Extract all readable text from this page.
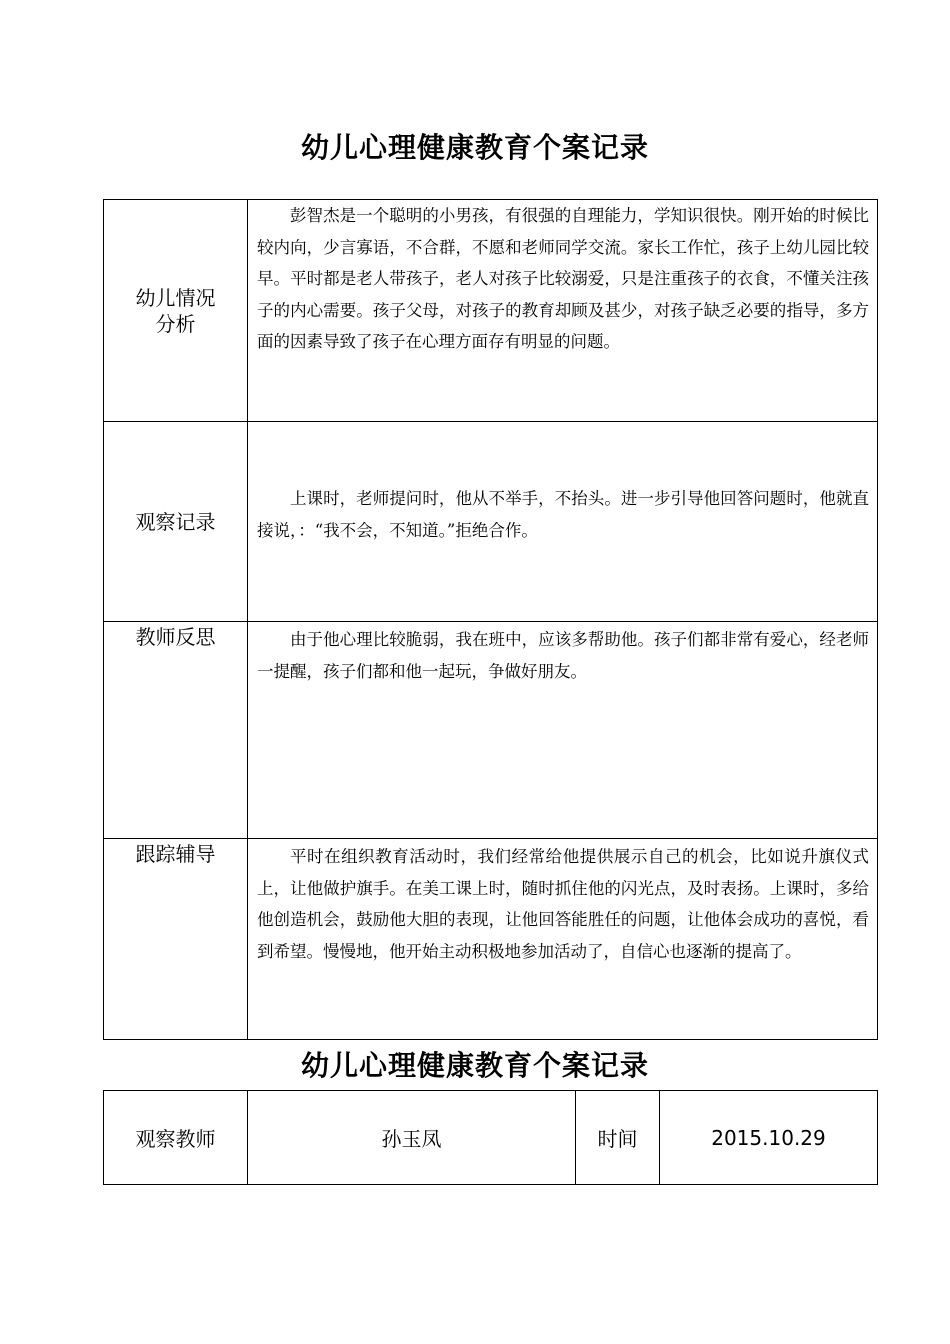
幼儿心理健康教育个案记录
幼儿情况
分析	彭智杰是一个聪明的小男孩，有很强的自理能力，学知识很快。刚开始的时候比较内向，少言寡语，不合群，不愿和老师同学交流。家长工作忙，孩子上幼儿园比较早。平时都是老人带孩子，老人对孩子比较溺爱，只是注重孩子的衣食，不懂关注孩子的内心需要。孩子父母，对孩子的教育却顾及甚少，对孩子缺乏必要的指导，多方面的因素导致了孩子在心理方面存有明显的问题。

观察记录	上课时，老师提问时，他从不举手，不抬头。进一步引导他回答问题时，他就直接说，：“我不会，不知道。”拒绝合作。

教师反思	由于他心理比较脆弱，我在班中，应该多帮助他。孩子们都非常有爱心，经老师一提醒，孩子们都和他一起玩，争做好朋友。

跟踪辅导	平时在组织教育活动时，我们经常给他提供展示自己的机会，比如说升旗仪式上，让他做护旗手。在美工课上时，随时抓住他的闪光点，及时表扬。上课时，多给他创造机会，鼓励他大胆的表现，让他回答能胜任的问题，让他体会成功的喜悦，看到希望。慢慢地，他开始主动积极地参加活动了，自信心也逐渐的提高了。

幼儿心理健康教育个案记录
观察教师	孙玉凤	时间	2015.10.29
